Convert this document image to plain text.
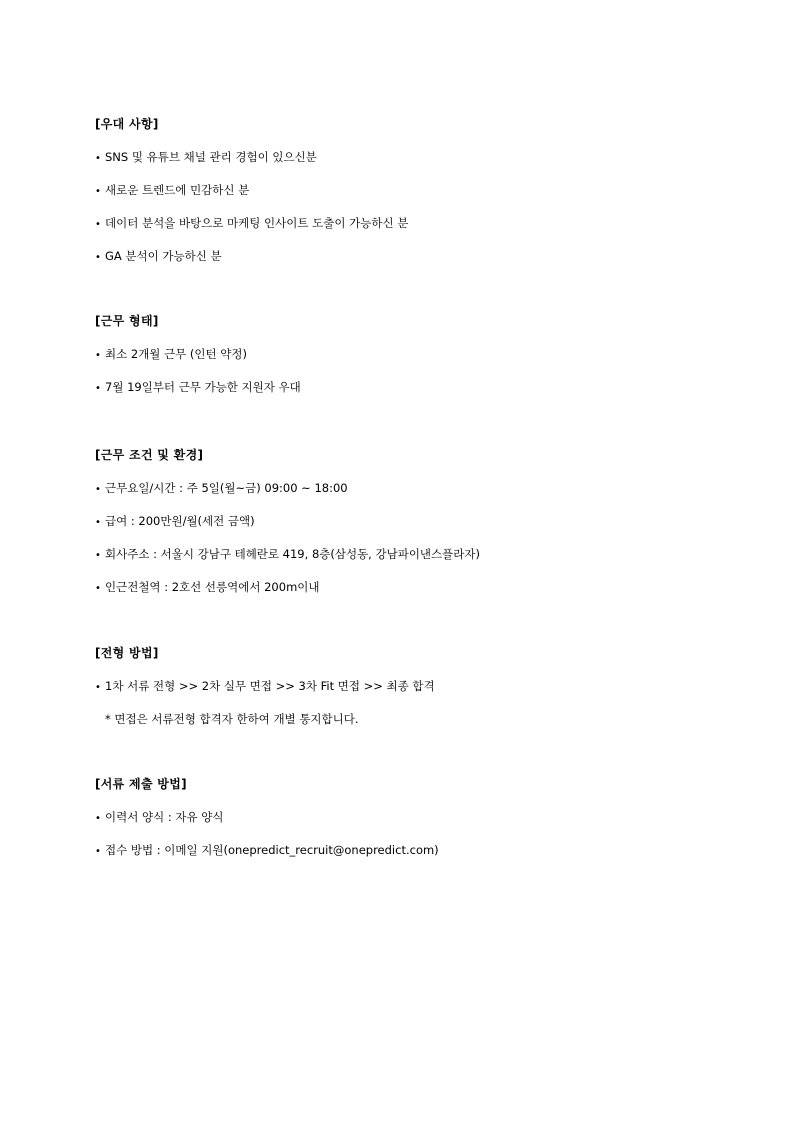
[우대 사항]
• SNS 및 유튜브 채널 관리 경험이 있으신분
• 새로운 트렌드에 민감하신 분
• 데이터 분석을 바탕으로 마케팅 인사이트 도출이 가능하신 분
• GA 분석이 가능하신 분
[근무 형태]
• 최소 2개월 근무 (인턴 약정)
• 7월 19일부터 근무 가능한 지원자 우대
[근무 조건 및 환경]
• 근무요일/시간 : 주 5일(월~금) 09:00 ~ 18:00
• 급여 : 200만원/월(세전 금액)
• 회사주소 : 서울시 강남구 테헤란로 419, 8층(삼성동, 강남파이낸스플라자)
• 인근전철역 : 2호선 선릉역에서 200m이내
[전형 방법]
• 1차 서류 전형 >> 2차 실무 면접 >> 3차 Fit 면접 >> 최종 합격
* 면접은 서류전형 합격자 한하여 개별 통지합니다.
[서류 제출 방법]
• 이력서 양식 : 자유 양식
• 접수 방법 : 이메일 지원(onepredict_recruit@onepredict.com)
